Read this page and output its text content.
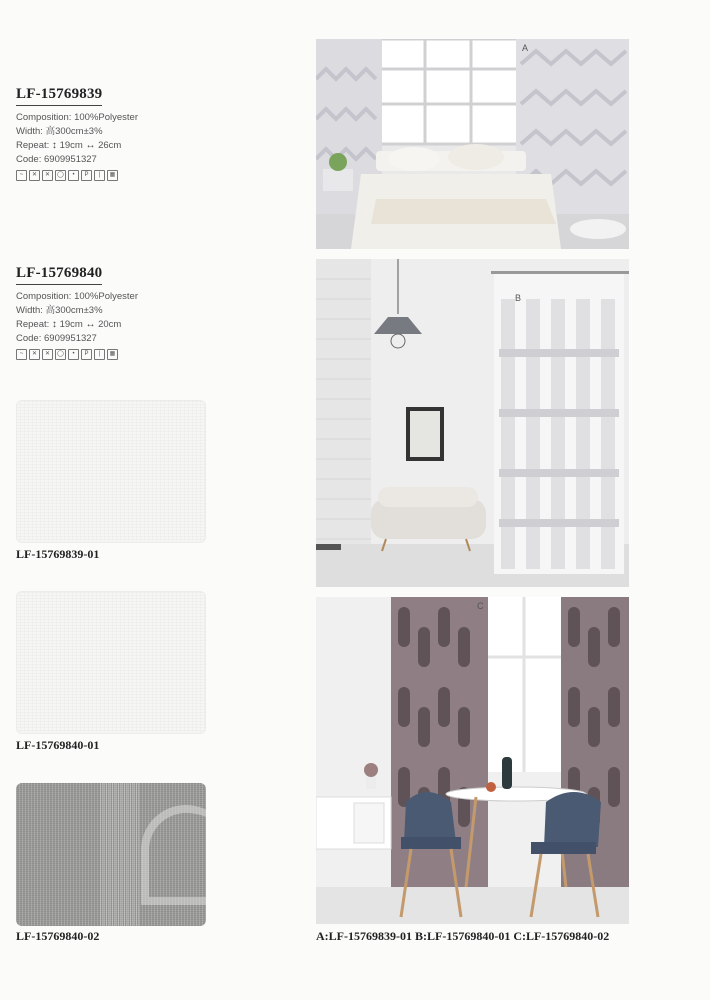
LF-15769839
Composition: 100%Polyester
Width: 高300cm±3%
Repeat: ↕ 19cm ↔ 26cm
Code: 6909951327
~	✕	✕	◯	•	P	|	▦
LF-15769840
Composition: 100%Polyester
Width: 高300cm±3%
Repeat: ↕ 19cm ↔ 20cm
Code: 6909951327
~	✕	✕	◯	•	P	|	▦
LF-15769839-01
LF-15769840-01
LF-15769840-02
A
B
C
A:LF-15769839-01 B:LF-15769840-01 C:LF-15769840-02
